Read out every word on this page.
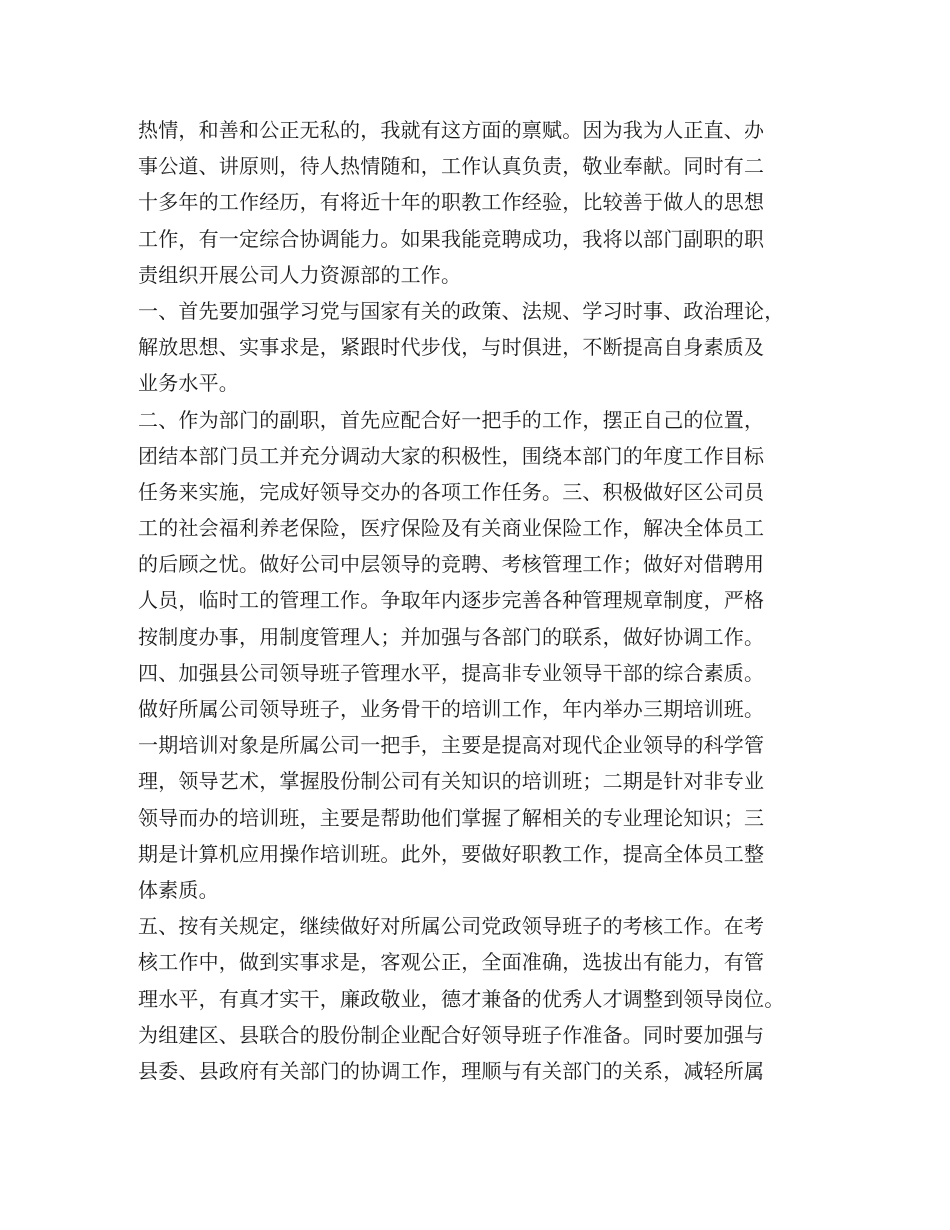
热情，和善和公正无私的，我就有这方面的禀赋。因为我为人正直、办
事公道、讲原则，待人热情随和，工作认真负责，敬业奉献。同时有二
十多年的工作经历，有将近十年的职教工作经验，比较善于做人的思想
工作，有一定综合协调能力。如果我能竞聘成功，我将以部门副职的职
责组织开展公司人力资源部的工作。
一、首先要加强学习党与国家有关的政策、法规、学习时事、政治理论，
解放思想、实事求是，紧跟时代步伐，与时俱进，不断提高自身素质及
业务水平。
二、作为部门的副职，首先应配合好一把手的工作，摆正自己的位置，
团结本部门员工并充分调动大家的积极性，围绕本部门的年度工作目标
任务来实施，完成好领导交办的各项工作任务。三、积极做好区公司员
工的社会福利养老保险，医疗保险及有关商业保险工作，解决全体员工
的后顾之忧。做好公司中层领导的竞聘、考核管理工作；做好对借聘用
人员，临时工的管理工作。争取年内逐步完善各种管理规章制度，严格
按制度办事，用制度管理人；并加强与各部门的联系，做好协调工作。
四、加强县公司领导班子管理水平，提高非专业领导干部的综合素质。
做好所属公司领导班子，业务骨干的培训工作，年内举办三期培训班。
一期培训对象是所属公司一把手，主要是提高对现代企业领导的科学管
理，领导艺术，掌握股份制公司有关知识的培训班；二期是针对非专业
领导而办的培训班，主要是帮助他们掌握了解相关的专业理论知识；三
期是计算机应用操作培训班。此外，要做好职教工作，提高全体员工整
体素质。
五、按有关规定，继续做好对所属公司党政领导班子的考核工作。在考
核工作中，做到实事求是，客观公正，全面准确，选拔出有能力，有管
理水平，有真才实干，廉政敬业，德才兼备的优秀人才调整到领导岗位。
为组建区、县联合的股份制企业配合好领导班子作准备。同时要加强与
县委、县政府有关部门的协调工作，理顺与有关部门的关系，减轻所属
